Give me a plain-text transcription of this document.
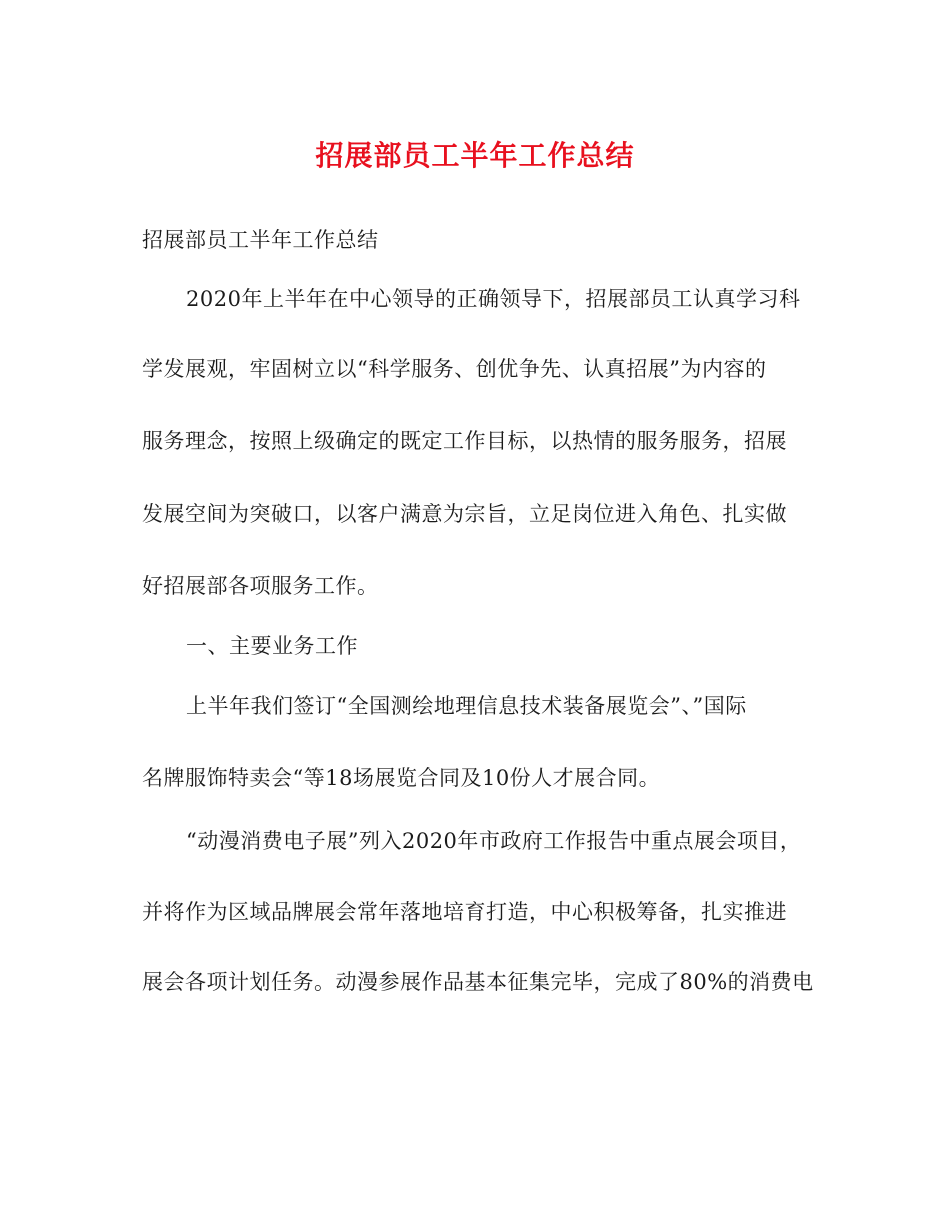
招展部员工半年工作总结
招展部员工半年工作总结
2020年上半年在中心领导的正确领导下，招展部员工认真学习科
学发展观，牢固树立以“科学服务、创优争先、认真招展”为内容的
服务理念，按照上级确定的既定工作目标，以热情的服务服务，招展
发展空间为突破口，以客户满意为宗旨，立足岗位进入角色、扎实做
好招展部各项服务工作。
一、主要业务工作
上半年我们签订“全国测绘地理信息技术装备展览会”、”国际
名牌服饰特卖会“等18场展览合同及10份人才展合同。
“动漫消费电子展”列入2020年市政府工作报告中重点展会项目，
并将作为区域品牌展会常年落地培育打造，中心积极筹备，扎实推进
展会各项计划任务。动漫参展作品基本征集完毕，完成了80%的消费电
